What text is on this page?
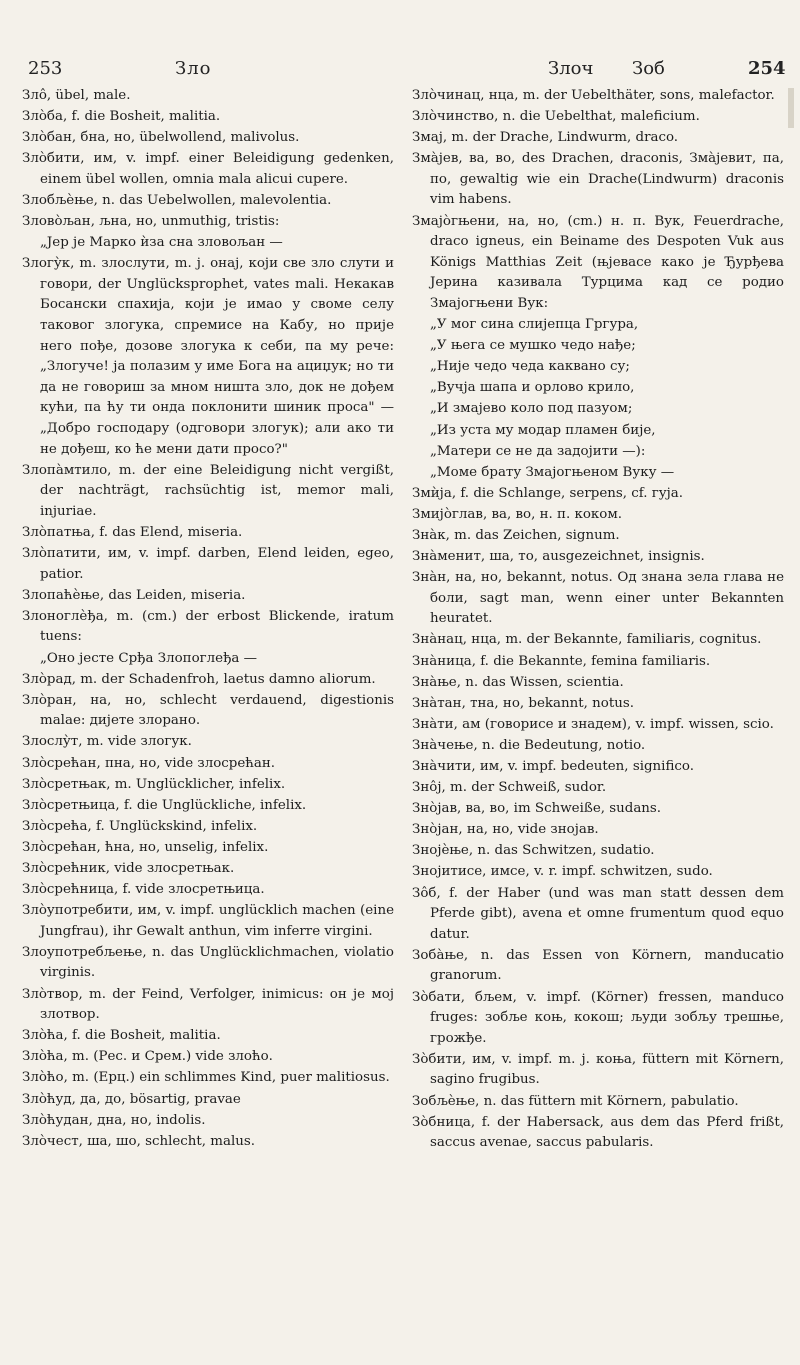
253	Зло	Злоч Зоб	254

Злô, übel, male.

Злòба, f. die Bosheit, malitia.

Злòбан, бна, но, übelwollend, malivolus.

Злòбити, им, v. impf. einer Beleidigung gedenken, einem übel wollen, omnia mala alicui cupere.

Злобљèње, n. das Uebelwollen, malevolentia.

Злово̀љан, љна, но, unmuthig, tristis:

„Јер је Марко ѝза сна зловољан —

Злогу̀к, m. злослути, m. ј. онај, који све зло слути и говори, der Unglücksprophet, vates mali. Некакав Босански спахија, који је имао у своме селу таковог злогука, спремисе на Кабу, но прије него пође, дозове злогука к себи, па му рече: „Злогуче! ја полазим у име Бога на ациџук; но ти да не говориш за мном ништа зло, док не дођем кући, па ћу ти онда поклонити шиник проса" — „Добро господару (одговори злогук); али ако ти не дођеш, ко ће мени дати просо?"

Злопа̀мтило, m. der eine Beleidigung nicht vergißt, der nachträgt, rachsüchtig ist, memor mali, injuriae.

Злòпатња, f. das Elend, miseria.

Злòпатити, им, v. impf. darben, Elend leiden, egeo, patior.

Злопаћèње, das Leiden, miseria.

Злоноглѐђа, m. (cm.) der erbost Blickende, iratum tuens:

„Оно јесте Срђа Злопоглеђа —

Злòрад, m. der Schadenfroh, laetus damno aliorum.

Злòран, на, но, schlecht verdauend, digestionis malae: дијете злорано.

Злослу̀т, m. vide злогук.

Злòсрећан, пна, но, vide злосрећан.

Злòсретњак, m. Unglücklicher, infelix.

Злòсретњица, f. die Unglückliche, infelix.

Злòсрећа, f. Unglückskind, infelix.

Злòсрећан, ћна, но, unselig, infelix.

Злòсрећник, vide злосретњак.

Злòсрећница, f. vide злосретњица.

Злòупотребити, им, v. impf. unglücklich machen (eine Jungfrau), ihr Gewalt anthun, vim inferre virgini.

Злоупотребљење, n. das Unglücklichmachen, violatio virginis.

Злòтвор, m. der Feind, Verfolger, inimicus: он је мој злотвор.

Злòћа, f. die Bosheit, malitia.

Злòћа, m. (Рес. и Срем.) vide злоћо.

Злòћо, m. (Ерц.) ein schlimmes Kind, puer malitiosus.

Злòћуд, да, до, bösartig, pravae

Злòћудан, дна, но, indolis.

Злòчест, ша, шо, schlecht, malus.

Злòчинац, нца, m. der Uebelthäter, sons, malefactor.

Злòчинство, n. die Uebelthat, maleficium.

Змај, m. der Drache, Lindwurm, draco.

Змàјев, ва, во, des Drachen, draconis, Змàјевит, па, по, gewaltig wie ein Drache(Lindwurm) draconis vim habens.

Змајòгњени, на, но, (cm.) н. п. Вук, Feuerdrache, draco igneus, ein Beiname des Despoten Vuk aus Königs Matthias Zeit (њјевасе како је Ђурђева Јерина казивала Турцима кад се родио Змајогњени Вук:

„У мог сина слијепца Гргура,

„У њега се мушко чедо нађе;

„Није чедо чеда каквано су;

„Вучја шапа и орлово крило,

„И змајево коло под пазуом;

„Из уста му модар пламен бије,

„Матери се не да задојити —):

„Моме брату Змајогњеном Вуку —

Змѝја, f. die Schlange, serpens, cf. гуја.

Змијòглав, ва, во, н. п. коком.

Знàк, m. das Zeichen, signum.

Знàменит, ша, то, ausgezeichnet, insignis.

Знàн, на, но, bekannt, notus. Од знана зела глава не боли, sagt man, wenn einer unter Bekannten heuratet.

Знàнац, нца, m. der Bekannte, familiaris, cognitus.

Знàница, f. die Bekannte, femina familiaris.

Знàње, n. das Wissen, scientia.

Знàтан, тна, но, bekannt, notus.

Знàти, ам (говорисе и знадем), v. impf. wissen, scio.

Знàчење, n. die Bedeutung, notio.

Знàчити, им, v. impf. bedeuten, significo.

Знôј, m. der Schweiß, sudor.

Знòјав, ва, во, im Schweiße, sudans.

Знòјан, на, но, vide знојав.

Знојèње, n. das Schwitzen, sudatio.

Знојитисе, имсе, v. r. impf. schwitzen, sudo.

Зôб, f. der Haber (und was man statt dessen dem Pferde gibt), avena et omne frumentum quod equo datur.

Зобàње, n. das Essen von Körnern, manducatio granorum.

Зòбати, бљем, v. impf. (Körner) fressen, manduco fruges: зобље коњ, кокош; људи зобљу трешње, грожђе.

Зòбити, им, v. impf. m. ј. коња, füttern mit Körnern, sagino frugibus.

Зобљèње, n. das füttern mit Körnern, pabulatio.

Зòбница, f. der Habersack, aus dem das Pferd frißt, saccus avenae, saccus pabularis.
